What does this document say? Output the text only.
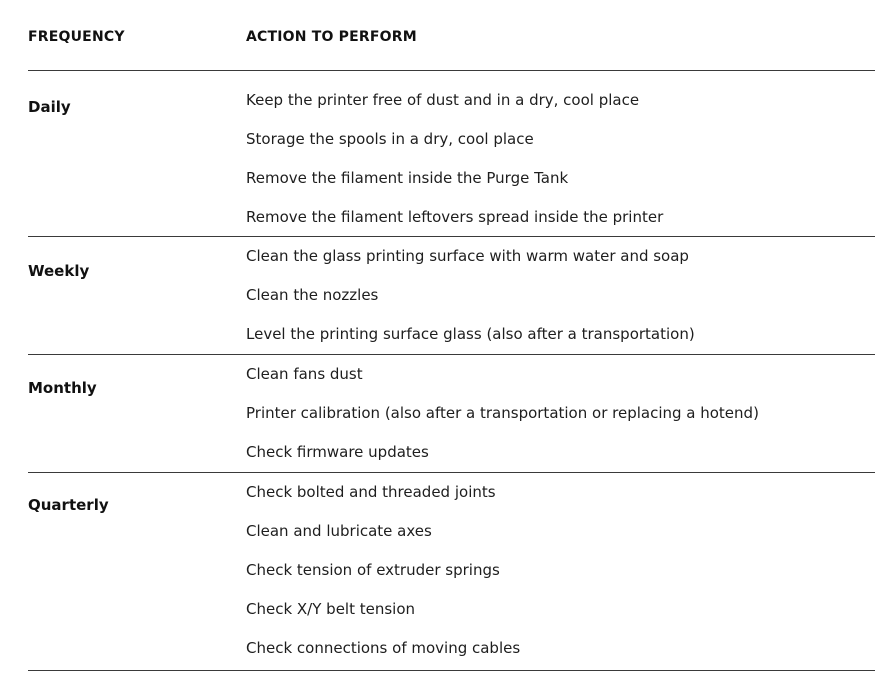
FREQUENCY	ACTION TO PERFORM
Daily	Keep the printer free of dust and in a dry, cool place
Storage the spools in a dry, cool place
Remove the filament inside the Purge Tank
Remove the filament leftovers spread inside the printer
Weekly
Clean the glass printing surface with warm water and soap
Clean the nozzles
Level the printing surface glass (also after a transportation)
Monthly
Clean fans dust
Printer calibration (also after a transportation or replacing a hotend)
Check firmware updates
Quarterly
Check bolted and threaded joints
Clean and lubricate axes
Check tension of extruder springs
Check X/Y belt tension
Check connections of moving cables
